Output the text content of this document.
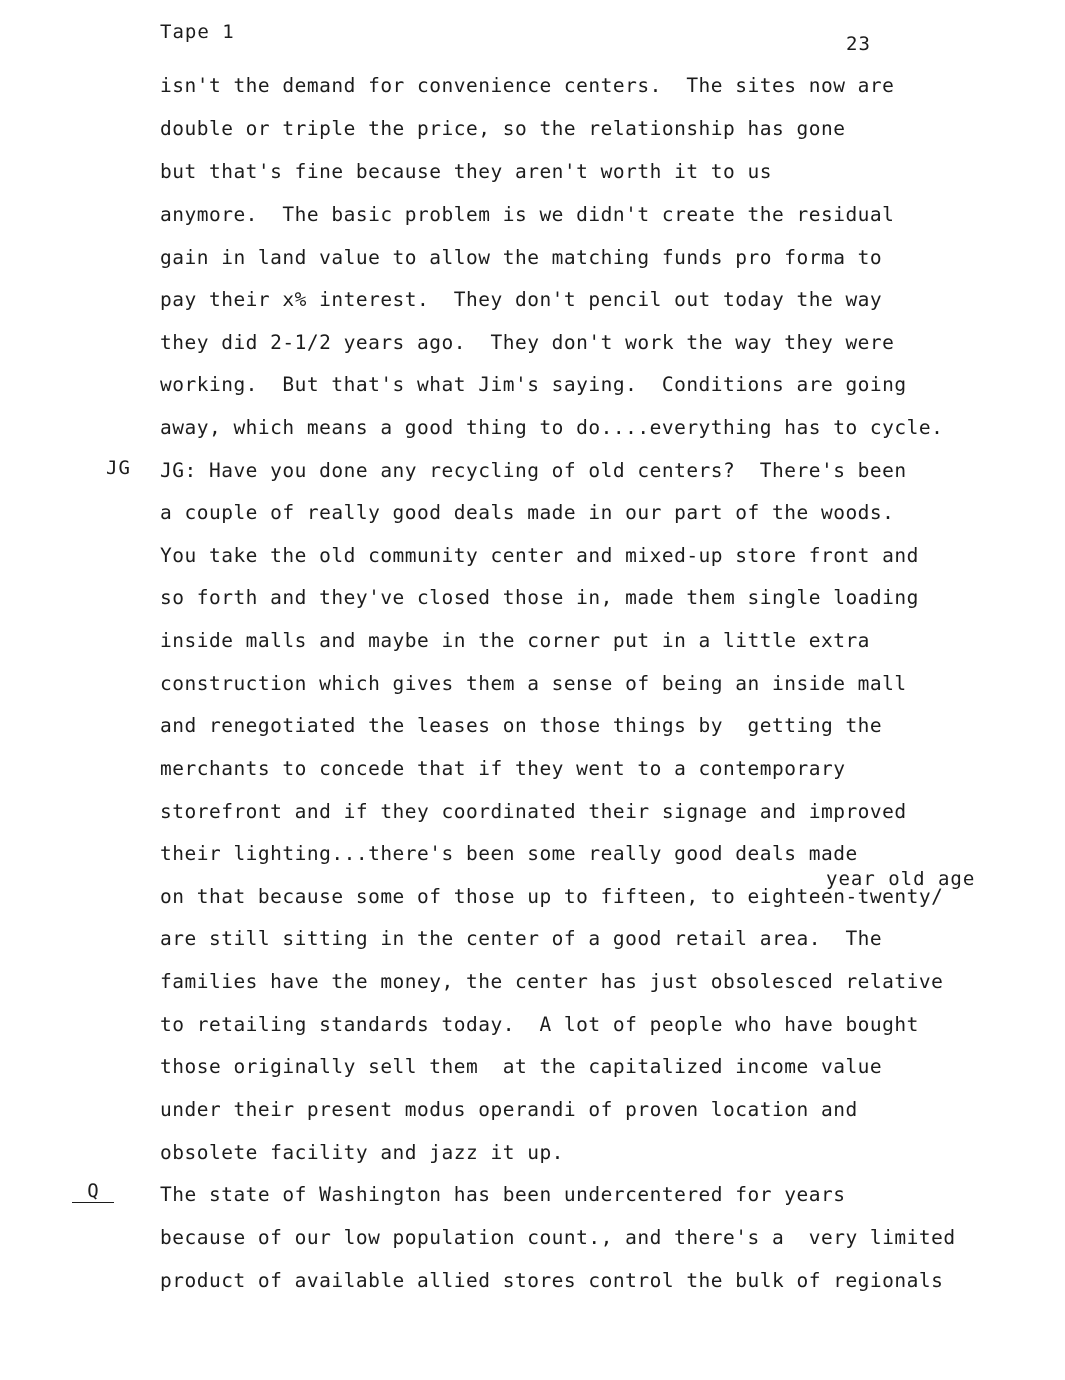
Tape 1
23
JG
Q
year old age
isn't the demand for convenience centers.  The sites now are
double or triple the price, so the relationship has gone
but that's fine because they aren't worth it to us
anymore.  The basic problem is we didn't create the residual
gain in land value to allow the matching funds pro forma to
pay their x% interest.  They don't pencil out today the way
they did 2-1/2 years ago.  They don't work the way they were
working.  But that's what Jim's saying.  Conditions are going
away, which means a good thing to do....everything has to cycle.
JG: Have you done any recycling of old centers?  There's been
a couple of really good deals made in our part of the woods.
You take the old community center and mixed-up store front and
so forth and they've closed those in, made them single loading
inside malls and maybe in the corner put in a little extra
construction which gives them a sense of being an inside mall
and renegotiated the leases on those things by  getting the
merchants to concede that if they went to a contemporary
storefront and if they coordinated their signage and improved
their lighting...there's been some really good deals made
on that because some of those up to fifteen, to eighteen-twenty/
are still sitting in the center of a good retail area.  The
families have the money, the center has just obsolesced relative
to retailing standards today.  A lot of people who have bought
those originally sell them  at the capitalized income value
under their present modus operandi of proven location and
obsolete facility and jazz it up.
The state of Washington has been undercentered for years
because of our low population count., and there's a  very limited
product of available allied stores control the bulk of regionals
